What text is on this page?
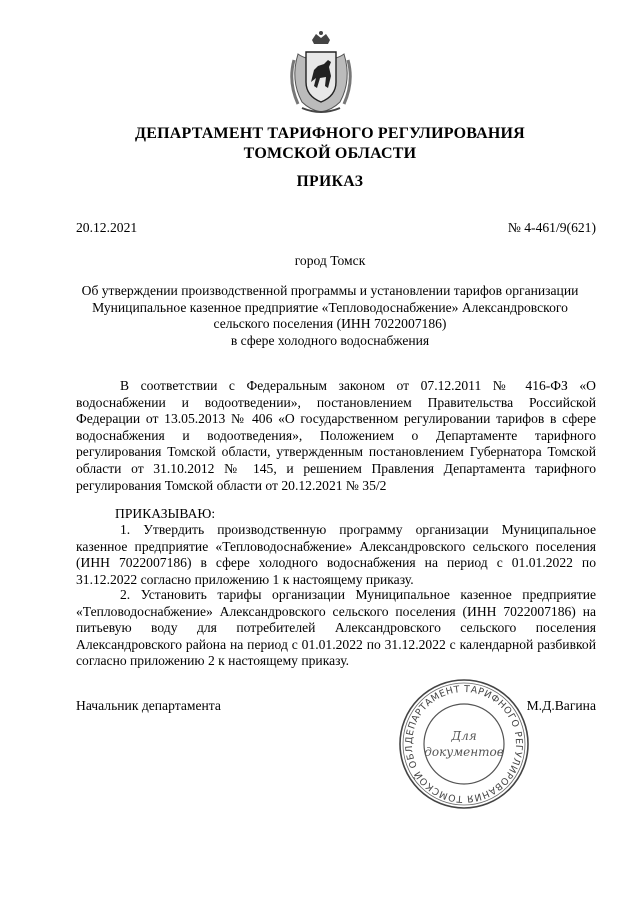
ДЕПАРТАМЕНТ ТАРИФНОГО РЕГУЛИРОВАНИЯ
ТОМСКОЙ ОБЛАСТИ
ПРИКАЗ
20.12.2021	№ 4-461/9(621)
город Томск
Об утверждении производственной программы и установлении тарифов организации
Муниципальное казенное предприятие «Тепловодоснабжение» Александровского
сельского поселения (ИНН 7022007186)
в сфере холодного водоснабжения
В соответствии с Федеральным законом от 07.12.2011 № 416-ФЗ «О водоснабжении и водоотведении», постановлением Правительства Российской Федерации от 13.05.2013 № 406 «О государственном регулировании тарифов в сфере водоснабжения и водоотведения», Положением о Департаменте тарифного регулирования Томской области, утвержденным постановлением Губернатора Томской области от 31.10.2012 № 145, и решением Правления Департамента тарифного регулирования Томской области от 20.12.2021 № 35/2
ПРИКАЗЫВАЮ:
1. Утвердить производственную программу организации Муниципальное казенное предприятие «Тепловодоснабжение» Александровского сельского поселения (ИНН 7022007186) в сфере холодного водоснабжения на период с 01.01.2022 по 31.12.2022 согласно приложению 1 к настоящему приказу.
2. Установить тарифы организации Муниципальное казенное предприятие «Тепловодоснабжение» Александровского сельского поселения (ИНН 7022007186) на питьевую воду для потребителей Александровского сельского поселения Александровского района на период с 01.01.2022 по 31.12.2022 с календарной разбивкой согласно приложению 2 к настоящему приказу.
Начальник департамента	М.Д.Вагина
ДЕПАРТАМЕНТ ТАРИФНОГО РЕГУЛИРОВАНИЯ ТОМСКОЙ ОБЛ
Для
документов
